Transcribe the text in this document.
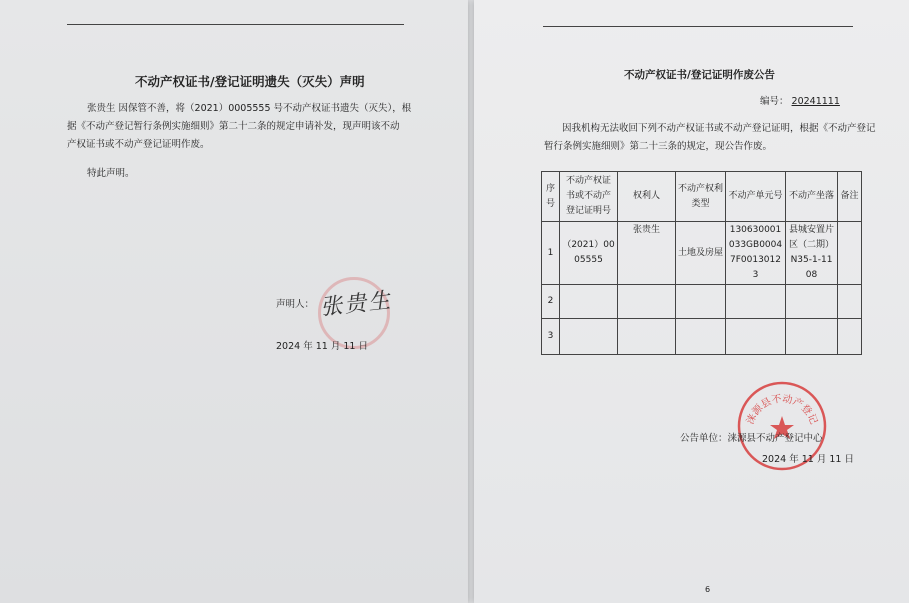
不动产权证书/登记证明遗失（灭失）声明
张贵生 因保管不善，将（2021）0005555 号不动产权证书遗失（灭失），根
据《不动产登记暂行条例实施细则》第二十二条的规定申请补发，现声明该不动
产权证书或不动产登记证明作废。
特此声明。
声明人： 张贵生
2024 年 11 月 11 日
不动产权证书/登记证明作废公告
编号： 20241111
因我机构无法收回下列不动产权证书或不动产登记证明，根据《不动产登记
暂行条例实施细则》第二十三条的规定，现公告作废。
序号	不动产权证书或不动产登记证明号	权利人	不动产权利类型	不动产单元号	不动产坐落	备注
1	（2021）0005555	张贵生	土地及房屋	130630001033GB00047F00130123	县城安置片区（二期）N35-1-1108	
2						
3						
涞源县不动产登记
公告单位：涞源县不动产登记中心
2024 年 11 月 11 日
6
